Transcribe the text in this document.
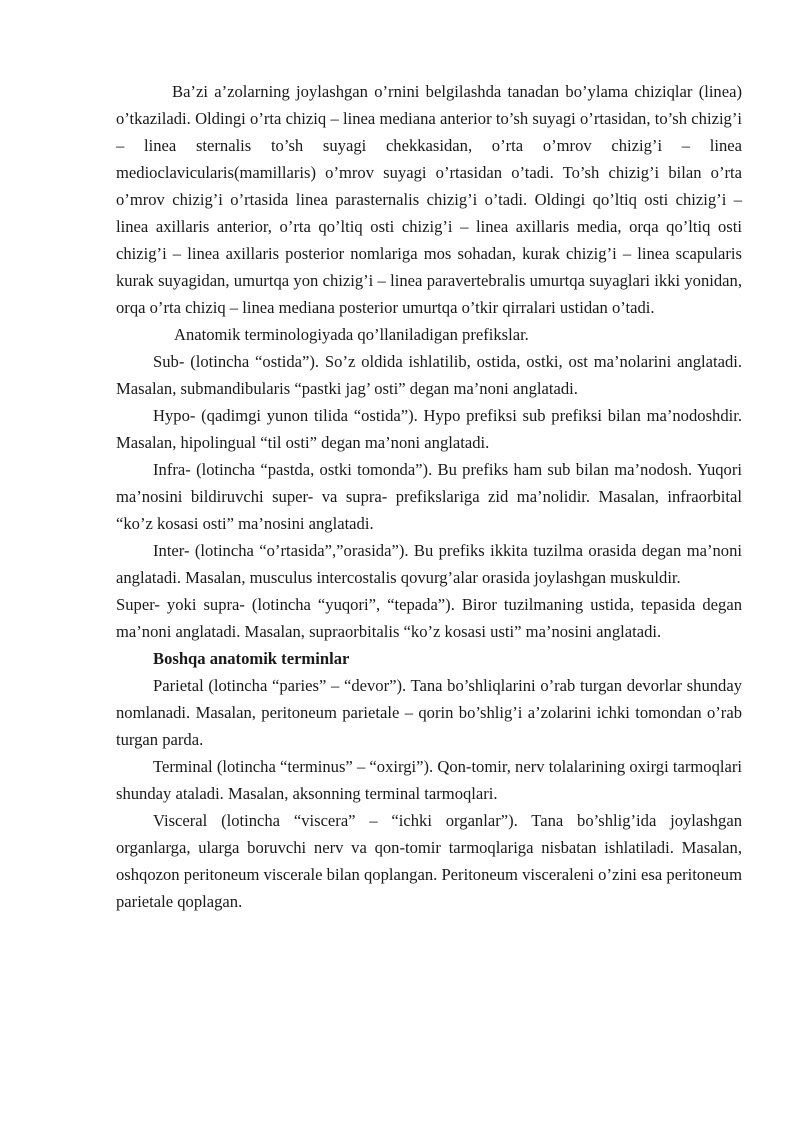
Ba’zi a’zolarning joylashgan o’rnini belgilashda tanadan bo’ylama chiziqlar (linea) o’tkaziladi. Oldingi o’rta chiziq – linea mediana anterior to’sh suyagi o’rtasidan, to’sh chizig’i – linea sternalis to’sh suyagi chekkasidan, o’rta o’mrov chizig’i – linea medioclavicularis(mamillaris) o’mrov suyagi o’rtasidan o’tadi. To’sh chizig’i bilan o’rta o’mrov chizig’i o’rtasida linea parasternalis chizig’i o’tadi. Oldingi qo’ltiq osti chizig’i – linea axillaris anterior, o’rta qo’ltiq osti chizig’i – linea axillaris media, orqa qo’ltiq osti chizig’i – linea axillaris posterior nomlariga mos sohadan, kurak chizig’i – linea scapularis kurak suyagidan, umurtqa yon chizig’i – linea paravertebralis umurtqa suyaglari ikki yonidan, orqa o’rta chiziq – linea mediana posterior umurtqa o’tkir qirralari ustidan o’tadi.

Anatomik terminologiyada qo’llaniladigan prefikslar.

Sub- (lotincha “ostida”). So’z oldida ishlatilib, ostida, ostki, ost ma’nolarini anglatadi. Masalan, submandibularis “pastki jag’ osti” degan ma’noni anglatadi.

Hypo- (qadimgi yunon tilida “ostida”). Hypo prefiksi sub prefiksi bilan ma’nodoshdir. Masalan, hipolingual “til osti” degan ma’noni anglatadi.

Infra- (lotincha “pastda, ostki tomonda”). Bu prefiks ham sub bilan ma’nodosh. Yuqori ma’nosini bildiruvchi super- va supra- prefikslariga zid ma’nolidir. Masalan, infraorbital “ko’z kosasi osti” ma’nosini anglatadi.

Inter- (lotincha “o’rtasida”,”orasida”). Bu prefiks ikkita tuzilma orasida degan ma’noni anglatadi. Masalan, musculus intercostalis qovurg’alar orasida joylashgan muskuldir.

Super- yoki supra- (lotincha “yuqori”, “tepada”). Biror tuzilmaning ustida, tepasida degan ma’noni anglatadi. Masalan, supraorbitalis “ko’z kosasi usti” ma’nosini anglatadi.

Boshqa anatomik terminlar

Parietal (lotincha “paries” – “devor”). Tana bo’shliqlarini o’rab turgan devorlar shunday nomlanadi. Masalan, peritoneum parietale – qorin bo’shlig’i a’zolarini ichki tomondan o’rab turgan parda.

Terminal (lotincha “terminus” – “oxirgi”). Qon-tomir, nerv tolalarining oxirgi tarmoqlari shunday ataladi. Masalan, aksonning terminal tarmoqlari.

Visceral (lotincha “viscera” – “ichki organlar”). Tana bo’shlig’ida joylashgan organlarga, ularga boruvchi nerv va qon-tomir tarmoqlariga nisbatan ishlatiladi. Masalan, oshqozon peritoneum viscerale bilan qoplangan. Peritoneum visceraleni o’zini esa peritoneum parietale qoplagan.
